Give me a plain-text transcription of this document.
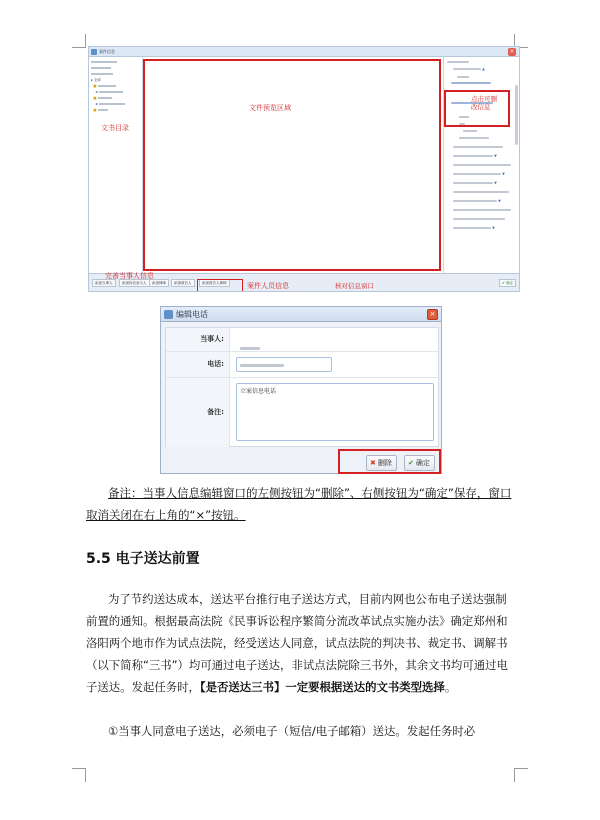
案件信息	×
▸ 全部
■
▪
■
▪
■
▲
▼
▼
▼
▼
▼
添加当事人	添加诉讼参与人	添加律师	添加被告人	添加被告人律师	✔ 确定
文书目录
文件预览区域
点击可删改信息
完善当事人信息
案件人员信息	核对信息窗口
编辑电话	×
当事人:
电话:
备注:
立案信息电话
✖ 删除	✔ 确定
备注：当事人信息编辑窗口的左侧按钮为“删除”、右侧按钮为“确定”保存，窗口取消关闭在右上角的“×”按钮。
5.5 电子送达前置
为了节约送达成本，送达平台推行电子送达方式，目前内网也公布电子送达强制前置的通知。根据最高法院《民事诉讼程序繁简分流改革试点实施办法》确定郑州和洛阳两个地市作为试点法院，经受送达人同意，试点法院的判决书、裁定书、调解书（以下简称“三书”）均可通过电子送达，非试点法院除三书外，其余文书均可通过电子送达。发起任务时，【是否送达三书】一定要根据送达的文书类型选择。
①当事人同意电子送达，必须电子（短信/电子邮箱）送达。发起任务时必
